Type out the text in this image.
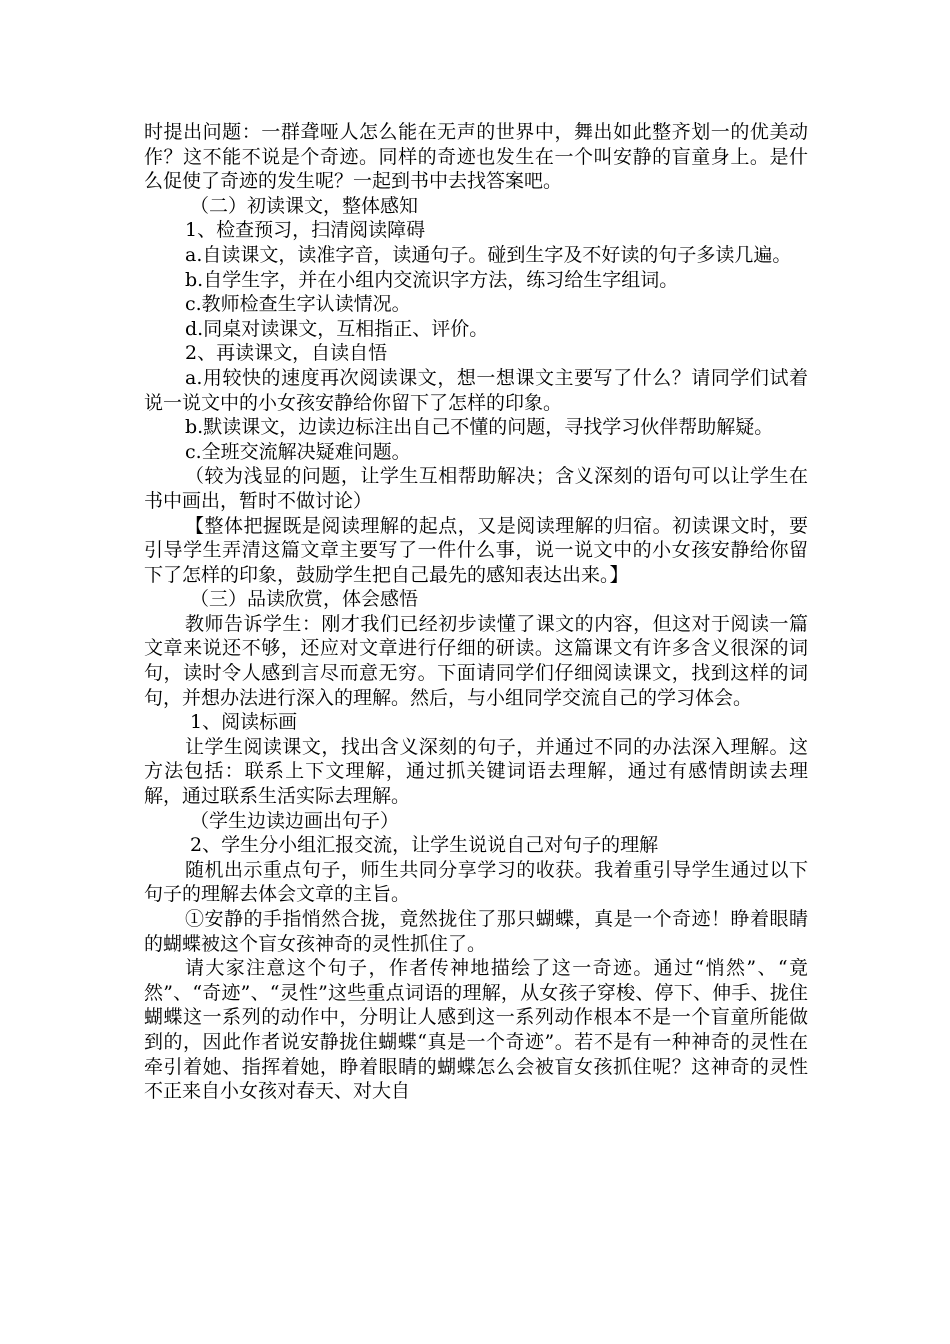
时提出问题：一群聋哑人怎么能在无声的世界中，舞出如此整齐划一的优美动作？这不能不说是个奇迹。同样的奇迹也发生在一个叫安静的盲童身上。是什么促使了奇迹的发生呢？一起到书中去找答案吧。

（二）初读课文，整体感知

1、检查预习，扫清阅读障碍

a.自读课文，读准字音，读通句子。碰到生字及不好读的句子多读几遍。

b.自学生字，并在小组内交流识字方法，练习给生字组词。

c.教师检查生字认读情况。

d.同桌对读课文，互相指正、评价。

2、再读课文，自读自悟

a.用较快的速度再次阅读课文，想一想课文主要写了什么？请同学们试着说一说文中的小女孩安静给你留下了怎样的印象。

b.默读课文，边读边标注出自己不懂的问题，寻找学习伙伴帮助解疑。

c.全班交流解决疑难问题。

（较为浅显的问题，让学生互相帮助解决；含义深刻的语句可以让学生在书中画出，暂时不做讨论）

【整体把握既是阅读理解的起点，又是阅读理解的归宿。初读课文时，要引导学生弄清这篇文章主要写了一件什么事，说一说文中的小女孩安静给你留下了怎样的印象，鼓励学生把自己最先的感知表达出来。】

（三）品读欣赏，体会感悟

教师告诉学生：刚才我们已经初步读懂了课文的内容，但这对于阅读一篇文章来说还不够，还应对文章进行仔细的研读。这篇课文有许多含义很深的词句，读时令人感到言尽而意无穷。下面请同学们仔细阅读课文，找到这样的词句，并想办法进行深入的理解。然后，与小组同学交流自己的学习体会。

1、阅读标画

让学生阅读课文，找出含义深刻的句子，并通过不同的办法深入理解。这方法包括：联系上下文理解，通过抓关键词语去理解，通过有感情朗读去理解，通过联系生活实际去理解。

（学生边读边画出句子）

2、学生分小组汇报交流，让学生说说自己对句子的理解

随机出示重点句子，师生共同分享学习的收获。我着重引导学生通过以下句子的理解去体会文章的主旨。

①安静的手指悄然合拢，竟然拢住了那只蝴蝶，真是一个奇迹！睁着眼睛的蝴蝶被这个盲女孩神奇的灵性抓住了。

请大家注意这个句子，作者传神地描绘了这一奇迹。通过“悄然”、“竟然”、“奇迹”、“灵性”这些重点词语的理解，从女孩子穿梭、停下、伸手、拢住蝴蝶这一系列的动作中，分明让人感到这一系列动作根本不是一个盲童所能做到的，因此作者说安静拢住蝴蝶“真是一个奇迹”。若不是有一种神奇的灵性在牵引着她、指挥着她，睁着眼睛的蝴蝶怎么会被盲女孩抓住呢？这神奇的灵性不正来自小女孩对春天、对大自
